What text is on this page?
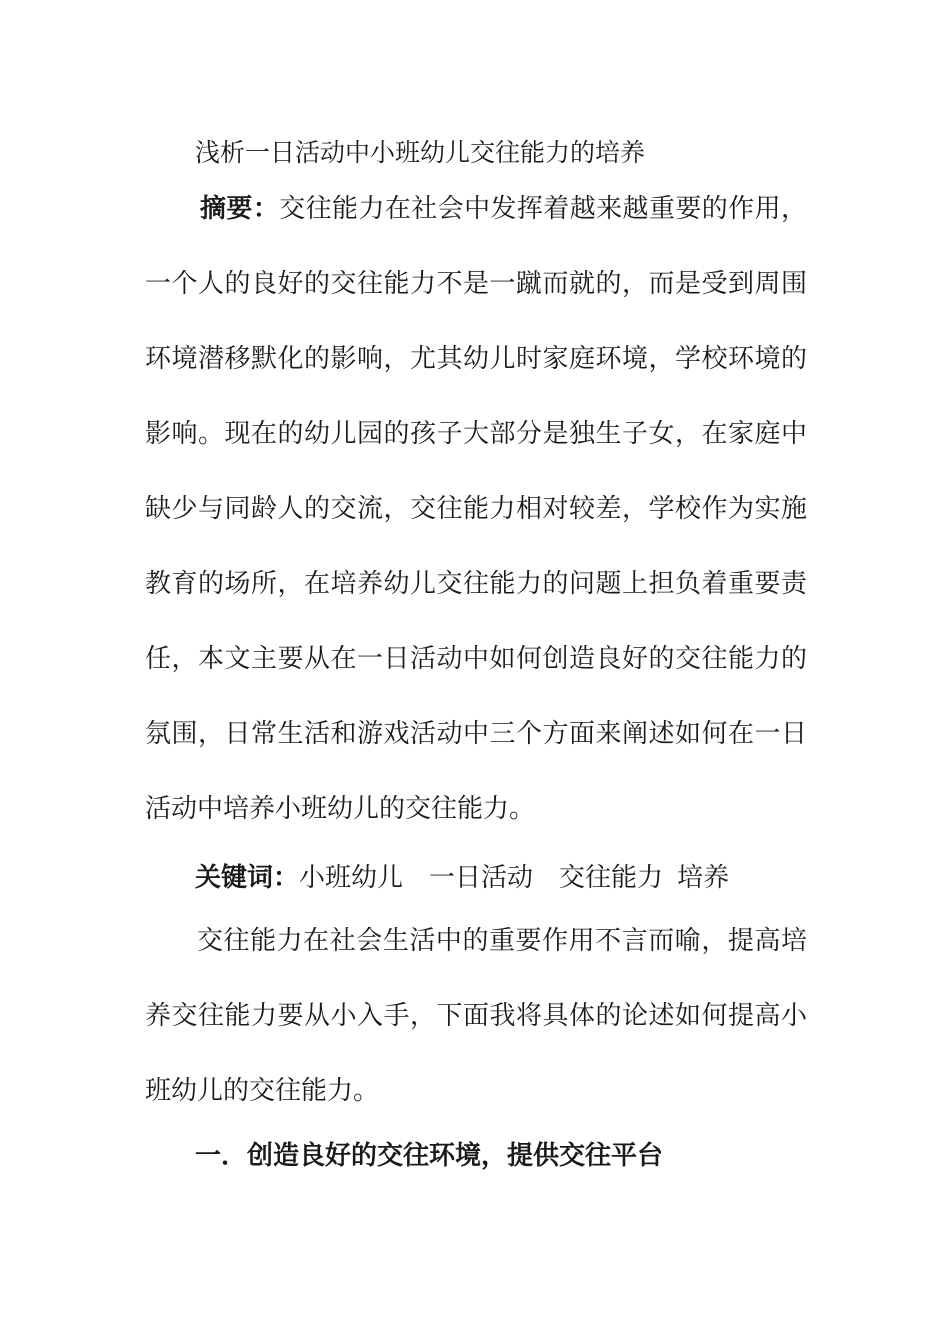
浅析一日活动中小班幼儿交往能力的培养
摘要：交往能力在社会中发挥着越来越重要的作用，一个人的良好的交往能力不是一蹴而就的，而是受到周围环境潜移默化的影响，尤其幼儿时家庭环境，学校环境的影响。现在的幼儿园的孩子大部分是独生子女，在家庭中缺少与同龄人的交流，交往能力相对较差，学校作为实施教育的场所，在培养幼儿交往能力的问题上担负着重要责任，本文主要从在一日活动中如何创造良好的交往能力的氛围，日常生活和游戏活动中三个方面来阐述如何在一日活动中培养小班幼儿的交往能力。
关键词：小班幼儿 一日活动 交往能力 培养
交往能力在社会生活中的重要作用不言而喻，提高培养交往能力要从小入手，下面我将具体的论述如何提高小班幼儿的交往能力。
一．创造良好的交往环境，提供交往平台
